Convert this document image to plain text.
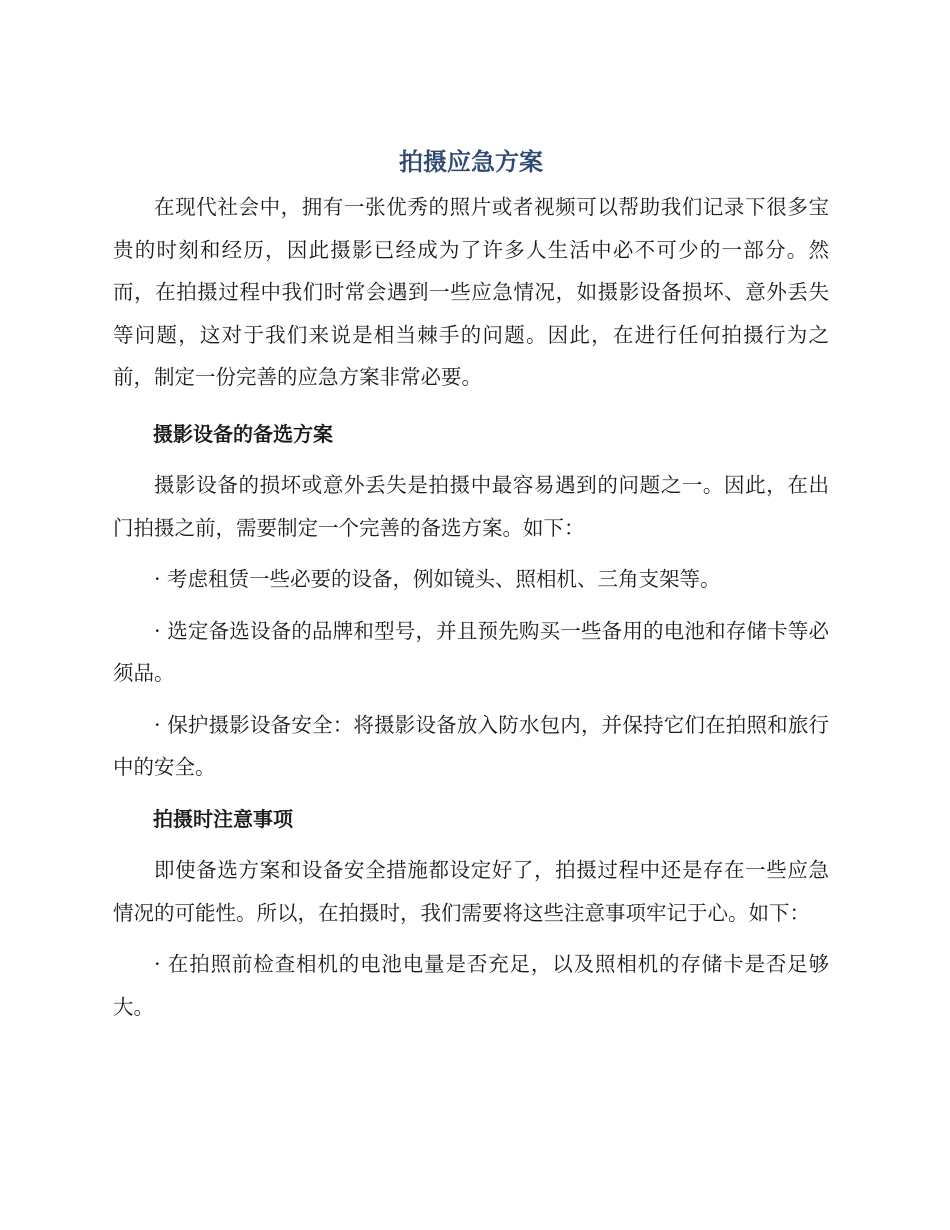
拍摄应急方案

在现代社会中，拥有一张优秀的照片或者视频可以帮助我们记录下很多宝贵的时刻和经历，因此摄影已经成为了许多人生活中必不可少的一部分。然而，在拍摄过程中我们时常会遇到一些应急情况，如摄影设备损坏、意外丢失等问题，这对于我们来说是相当棘手的问题。因此，在进行任何拍摄行为之前，制定一份完善的应急方案非常必要。

摄影设备的备选方案

摄影设备的损坏或意外丢失是拍摄中最容易遇到的问题之一。因此，在出门拍摄之前，需要制定一个完善的备选方案。如下：

· 考虑租赁一些必要的设备，例如镜头、照相机、三角支架等。

· 选定备选设备的品牌和型号，并且预先购买一些备用的电池和存储卡等必须品。

· 保护摄影设备安全：将摄影设备放入防水包内，并保持它们在拍照和旅行中的安全。

拍摄时注意事项

即使备选方案和设备安全措施都设定好了，拍摄过程中还是存在一些应急情况的可能性。所以，在拍摄时，我们需要将这些注意事项牢记于心。如下：

· 在拍照前检查相机的电池电量是否充足，以及照相机的存储卡是否足够大。
